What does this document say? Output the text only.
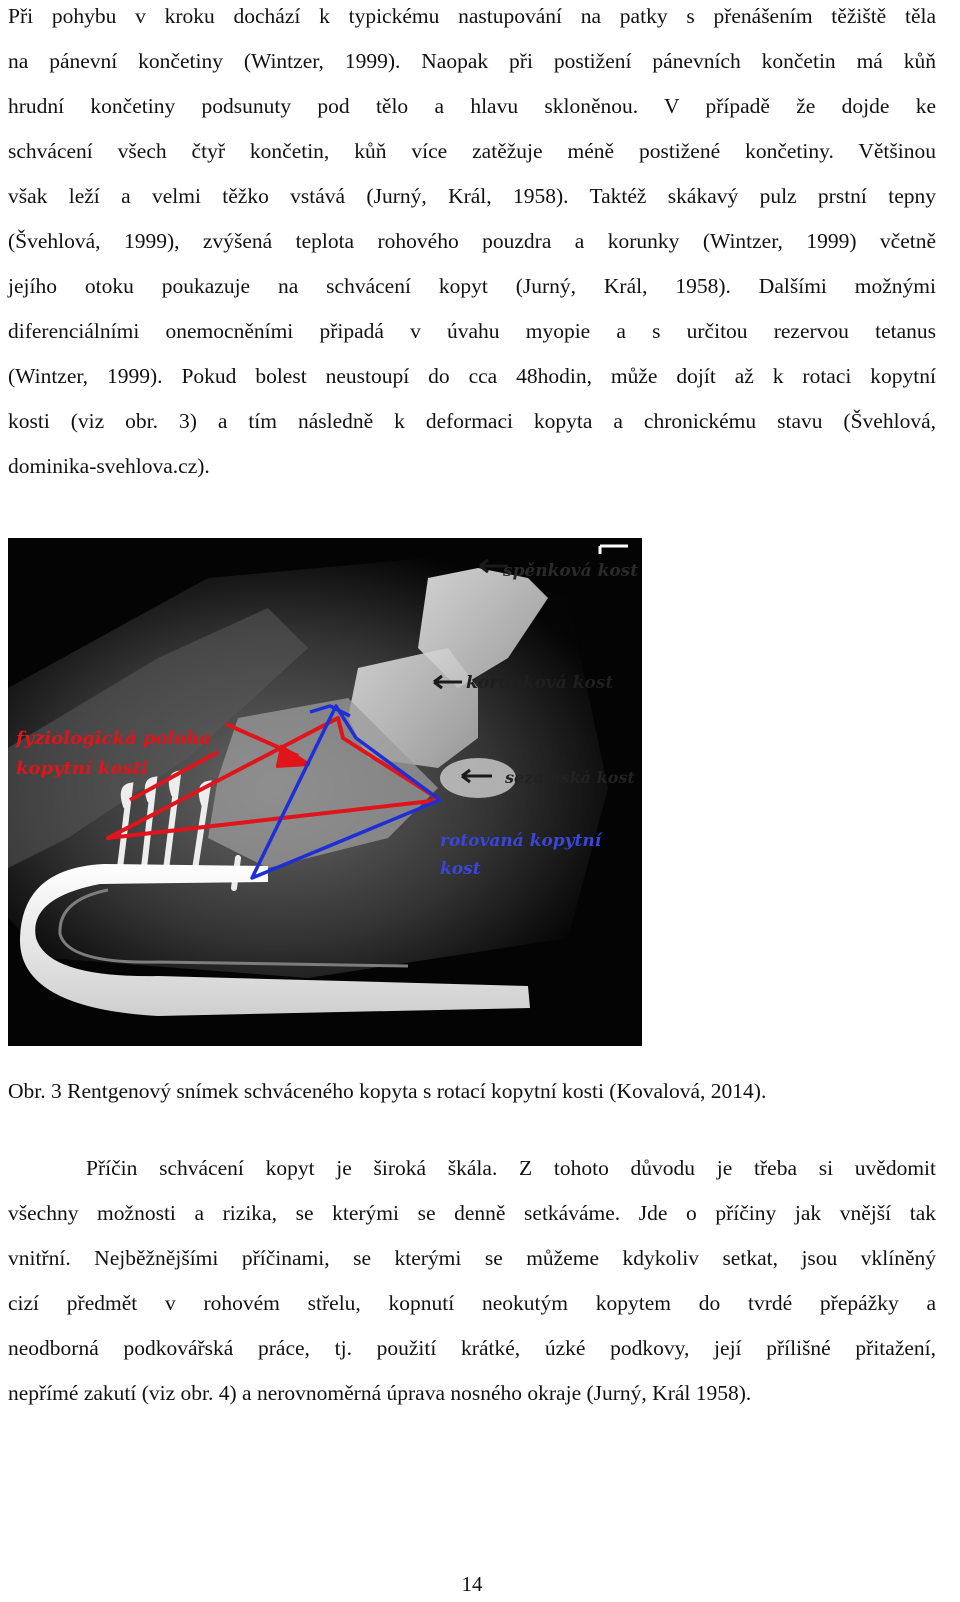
Při pohybu v kroku dochází k typickému nastupování na patky s přenášením těžiště těla
na pánevní končetiny (Wintzer, 1999). Naopak při postižení pánevních končetin má kůň
hrudní končetiny podsunuty pod tělo a hlavu skloněnou. V případě že dojde ke
schvácení všech čtyř končetin, kůň více zatěžuje méně postižené končetiny. Většinou
však leží a velmi těžko vstává (Jurný, Král, 1958). Taktéž skákavý pulz prstní tepny
(Švehlová, 1999), zvýšená teplota rohového pouzdra a korunky (Wintzer, 1999) včetně
jejího otoku poukazuje na schvácení kopyt (Jurný, Král, 1958). Dalšími možnými
diferenciálními onemocněními připadá v úvahu myopie a s určitou rezervou tetanus
(Wintzer, 1999). Pokud bolest neustoupí do cca 48hodin, může dojít až k rotaci kopytní
kosti (viz obr. 3) a tím následně k deformaci kopyta a chronickému stavu (Švehlová,
dominika-svehlova.cz).
spěnková kost
korunková kost
sezamská kost
fyziologická poloha
kopytní kosti
rotovaná kopytní
kost
Obr. 3 Rentgenový snímek schváceného kopyta s rotací kopytní kosti (Kovalová, 2014).
Příčin schvácení kopyt je široká škála. Z tohoto důvodu je třeba si uvědomit
všechny možnosti a rizika, se kterými se denně setkáváme. Jde o příčiny jak vnější tak
vnitřní. Nejběžnějšími příčinami, se kterými se můžeme kdykoliv setkat, jsou vklíněný
cizí předmět v rohovém střelu, kopnutí neokutým kopytem do tvrdé přepážky a
neodborná podkovářská práce, tj. použití krátké, úzké podkovy, její přílišné přitažení,
nepřímé zakutí (viz obr. 4) a nerovnoměrná úprava nosného okraje (Jurný, Král 1958).
14
